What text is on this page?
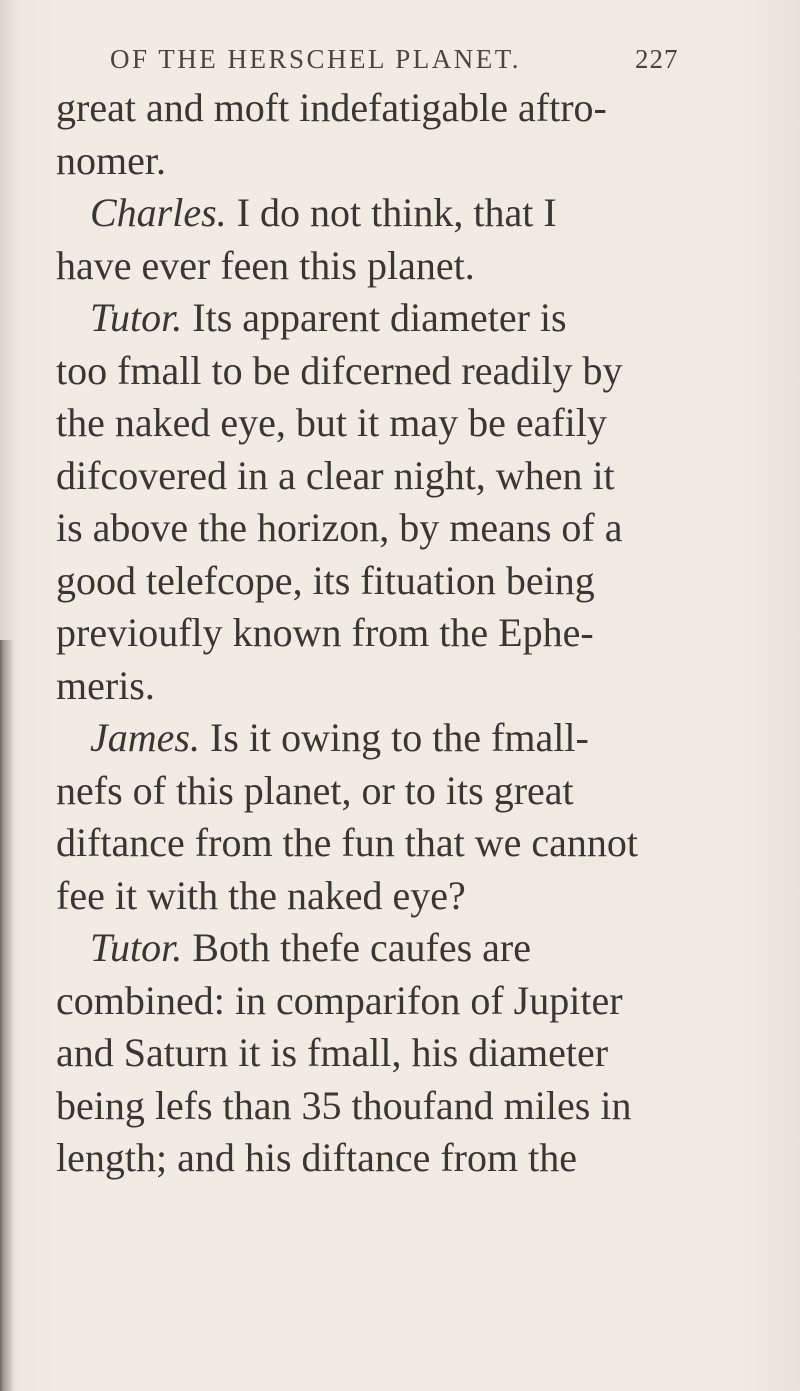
OF THE HERSCHEL PLANET.	227
great and moft indefatigable aftro-
nomer.
Charles. I do not think, that I
have ever feen this planet.
Tutor. Its apparent diameter is
too fmall to be difcerned readily by
the naked eye, but it may be eafily
difcovered in a clear night, when it
is above the horizon, by means of a
good telefcope, its fituation being
previoufly known from the Ephe-
meris.
James. Is it owing to the fmall-
nefs of this planet, or to its great
diftance from the fun that we cannot
fee it with the naked eye?
Tutor. Both thefe caufes are
combined: in comparifon of Jupiter
and Saturn it is fmall, his diameter
being lefs than 35 thoufand miles in
length; and his diftance from the
